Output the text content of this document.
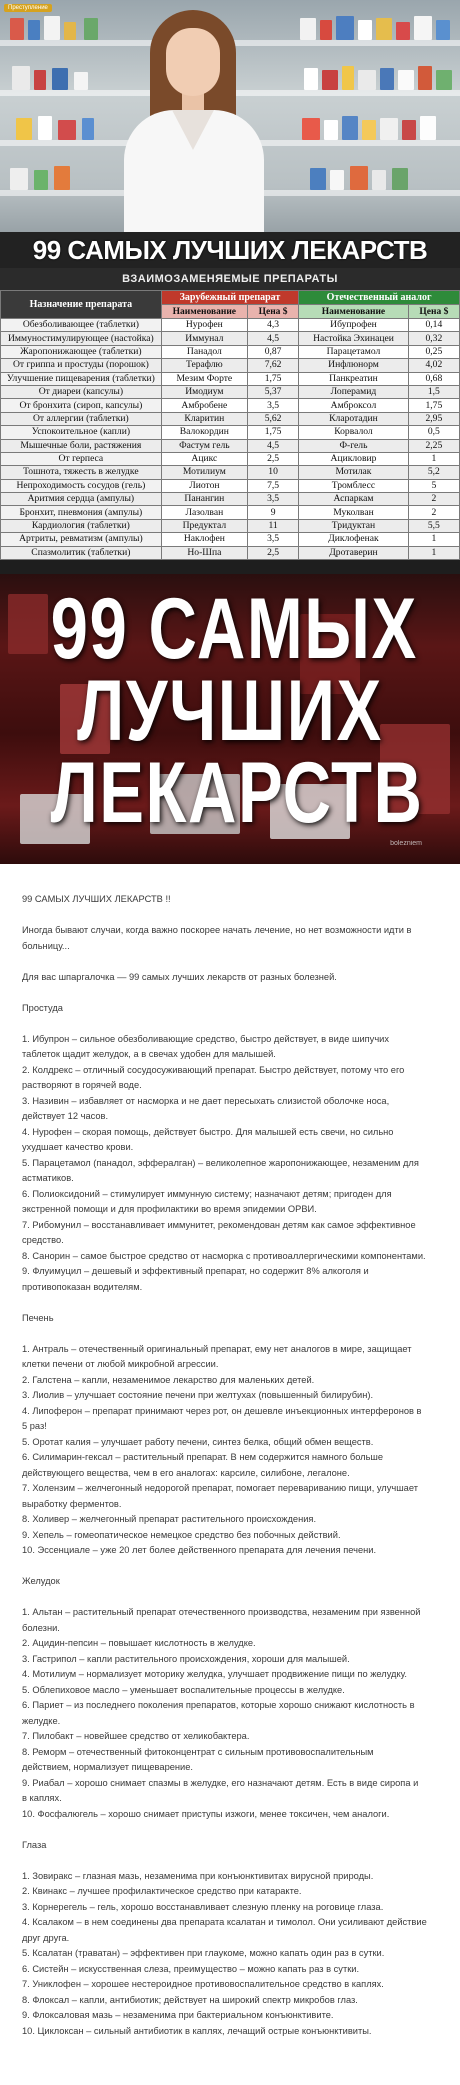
Преступление
99 САМЫХ ЛУЧШИХ ЛЕКАРСТВ
ВЗАИМОЗАМЕНЯЕМЫЕ ПРЕПАРАТЫ
Назначение препарата	Зарубежный препарат		Отечественный аналог	
	Наименование	Цена $	Наименование	Цена $
Обезболивающее (таблетки)	Нурофен	4,3	Ибупрофен	0,14
Иммуностимулирующее (настойка)	Иммунал	4,5	Настойка Эхинацеи	0,32
Жаропонижающее (таблетки)	Панадол	0,87	Парацетамол	0,25
От гриппа и простуды (порошок)	Терафлю	7,62	Инфлюнорм	4,02
Улучшение пищеварения (таблетки)	Мезим Форте	1,75	Панкреатин	0,68
От диареи (капсулы)	Имодиум	5,37	Лоперамид	1,5
От бронхита (сироп, капсулы)	Амбробене	3,5	Амброксол	1,75
От аллергии (таблетки)	Кларитин	5,62	Кларотадин	2,95
Успокоительное (капли)	Валокордин	1,75	Корвалол	0,5
Мышечные боли, растяжения	Фастум гель	4,5	Ф-гель	2,25
От герпеса	Ацикс	2,5	Ацикловир	1
Тошнота, тяжесть в желудке	Мотилиум	10	Мотилак	5,2
Непроходимость сосудов (гель)	Лиотон	7,5	Тромблесс	5
Аритмия сердца (ампулы)	Панангин	3,5	Аспаркам	2
Бронхит, пневмония (ампулы)	Лазолван	9	Муколван	2
Кардиология (таблетки)	Предуктал	11	Тридуктан	5,5
Артриты, ревматизм (ампулы)	Наклофен	3,5	Диклофенак	1
Спазмолитик (таблетки)	Но-Шпа	2,5	Дротаверин	1
99 САМЫХ
ЛУЧШИХ
ЛЕКАРСТВ
bolezniem

99 САМЫХ ЛУЧШИХ ЛЕКАРСТВ !!

Иногда бывают случаи, когда важно поскорее начать лечение, но нет возможности идти в

больницу...

Для вас шпаргалочка — 99 самых лучших лекарств от разных болезней.

Простуда

1. Ибупрон – сильное обезболивающие средство, быстро действует, в виде шипучих

таблеток щадит желудок, а в свечах удобен для малышей.

2. Колдрекс – отличный сосудосуживающий препарат. Быстро действует, потому что его

растворяют в горячей воде.

3. Називин – избавляет от насморка и не дает пересыхать слизистой оболочке носа,

действует 12 часов.

4. Нурофен – скорая помощь, действует быстро. Для малышей есть свечи, но сильно

ухудшает качество крови.

5. Парацетамол (панадол, эффералган) – великолепное жаропонижающее, незаменим для

астматиков.

6. Полиоксидоний – стимулирует иммунную систему; назначают детям; пригоден для

экстренной помощи и для профилактики во время эпидемии ОРВИ.

7. Рибомунил – восстанавливает иммунитет, рекомендован детям как самое эффективное

средство.

8. Санорин – самое быстрое средство от насморка с противоаллергическими компонентами.

9. Флуимуцил – дешевый и эффективный препарат, но содержит 8% алкоголя и

противопоказан водителям.

Печень

1. Антраль – отечественный оригинальный препарат, ему нет аналогов в мире, защищает

клетки печени от любой микробной агрессии.

2. Галстена – капли, незаменимое лекарство для маленьких детей.

3. Лиолив – улучшает состояние печени при желтухах (повышенный билирубин).

4. Липоферон – препарат принимают через рот, он дешевле инъекционных интерферонов в

5 раз!

5. Оротат калия – улучшает работу печени, синтез белка, общий обмен веществ.

6. Силимарин-гексал – растительный препарат. В нем содержится намного больше

действующего вещества, чем в его аналогах: карсиле, силибоне, легалоне.

7. Холензим – желчегонный недорогой препарат, помогает перевариванию пищи, улучшает

выработку ферментов.

8. Холивер – желчегонный препарат растительного происхождения.

9. Хепель – гомеопатическое немецкое средство без побочных действий.

10. Эссенциале – уже 20 лет более действенного препарата для лечения печени.

Желудок

1. Альтан – растительный препарат отечественного производства, незаменим при язвенной

болезни.

2. Ацидин-пепсин – повышает кислотность в желудке.

3. Гастрипол – капли растительного происхождения, хороши для малышей.

4. Мотилиум – нормализует моторику желудка, улучшает продвижение пищи по желудку.

5. Облепиховое масло – уменьшает воспалительные процессы в желудке.

6. Париет – из последнего поколения препаратов, которые хорошо снижают кислотность в

желудке.

7. Пилобакт – новейшее средство от хеликобактера.

8. Реморм – отечественный фитоконцентрат с сильным противовоспалительным

действием, нормализует пищеварение.

9. Риабал – хорошо снимает спазмы в желудке, его назначают детям. Есть в виде сиропа и

в каплях.

10. Фосфалюгель – хорошо снимает приступы изжоги, менее токсичен, чем аналоги.

Глаза

1. Зовиракс – глазная мазь, незаменима при конъюнктивитах вирусной природы.

2. Квинакс – лучшее профилактическое средство при катаракте.

3. Корнерегель – гель, хорошо восстанавливает слезную пленку на роговице глаза.

4. Ксалаком – в нем соединены два препарата ксалатан и тимолол. Они усиливают действие

друг друга.

5. Ксалатан (траватан) – эффективен при глаукоме, можно капать один раз в сутки.

6. Систейн – искусственная слеза, преимущество – можно капать раз в сутки.

7. Униклофен – хорошее нестероидное противовоспалительное средство в каплях.

8. Флоксал – капли, антибиотик; действует на широкий спектр микробов глаз.

9. Флоксаловая мазь – незаменима при бактериальном конъюнктивите.

10. Циклоксан – сильный антибиотик в каплях, лечащий острые конъюнктивиты.
